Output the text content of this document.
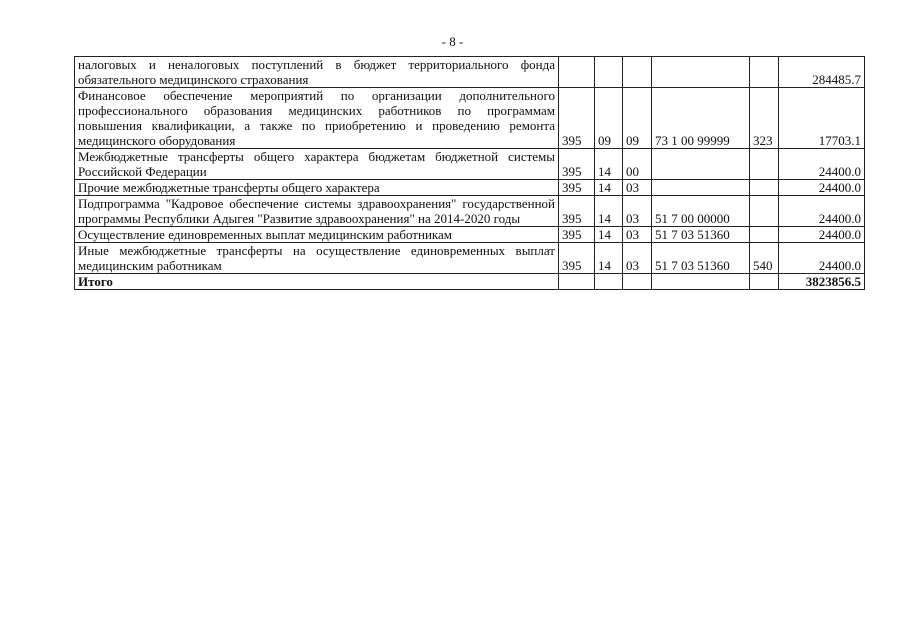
- 8 -
налоговых и неналоговых поступлений в бюджет территориального фонда обязательного медицинского страхования						284485.7
Финансовое обеспечение мероприятий по организации дополнительного профессионального образования медицинских работников по программам повышения квалификации, а также по приобретению и проведению ремонта медицинского оборудования	395	09	09	73 1 00 99999	323	17703.1
Межбюджетные трансферты общего характера бюджетам бюджетной системы Российской Федерации	395	14	00			24400.0
Прочие межбюджетные трансферты общего характера	395	14	03			24400.0
Подпрограмма "Кадровое обеспечение системы здравоохранения" государственной программы Республики Адыгея "Развитие здравоохранения" на 2014-2020 годы	395	14	03	51 7 00 00000		24400.0
Осуществление единовременных выплат медицинским работникам	395	14	03	51 7 03 51360		24400.0
Иные межбюджетные трансферты на осуществление единовременных выплат медицинским работникам	395	14	03	51 7 03 51360	540	24400.0
Итого						3823856.5
